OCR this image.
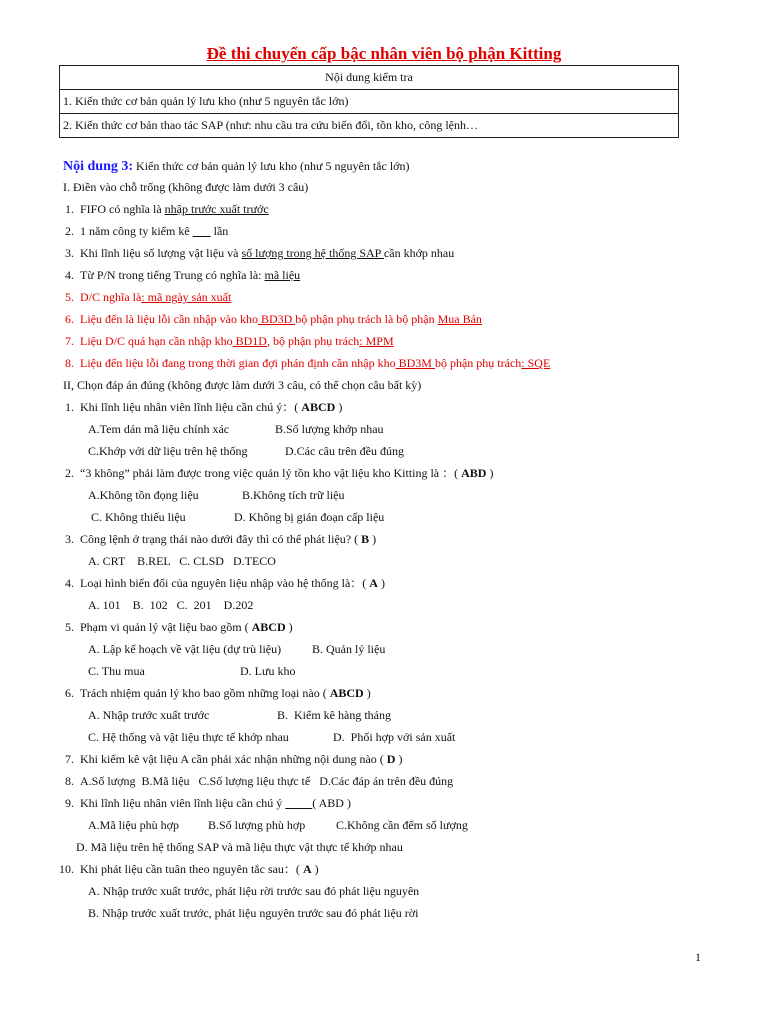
Đề thi chuyển cấp bậc nhân viên bộ phận Kitting
Nội dung kiểm tra
1. Kiến thức cơ bản quản lý lưu kho (như 5 nguyên tắc lớn)
2. Kiến thức cơ bản thao tác SAP (như: nhu cầu tra cứu biến đổi, tồn kho, công lệnh…
Nội dung 3: Kiến thức cơ bản quản lý lưu kho (như 5 nguyên tắc lớn)
I. Điền vào chỗ trống (không được làm dưới 3 câu)
1. FIFO có nghĩa là nhập trước xuất trước
2. 1 năm công ty kiểm kê        lần
3. Khi lĩnh liệu số lượng vật liệu và số lượng trong hệ thống SAP cần khớp nhau
4. Từ P/N trong tiếng Trung có nghĩa là: mã liệu
5. D/C nghĩa là: mã ngày sản xuất
6. Liệu đến là liệu lỗi cần nhập vào kho BD3D bộ phận phụ trách là bộ phận Mua Bán
7. Liệu D/C quá hạn cần nhập kho BD1D, bộ phận phụ trách: MPM
8. Liệu đến liệu lỗi đang trong thời gian đợi phán định cần nhập kho BD3M bộ phận phụ trách: SQE
II, Chọn đáp án đúng (không được làm dưới 3 câu, có thể chọn câu bất kỳ)
1. Khi lĩnh liệu nhân viên lĩnh liệu cần chú ý：( ABCD )
A.Tem dán mã liệu chính xác	B.Số lượng khớp nhau
C.Khớp với dữ liệu trên hệ thống	D.Các câu trên đều đúng
2. “3 không” phải làm được trong việc quản lý tồn kho vật liệu kho Kitting là ：( ABD )
A.Không tồn đọng liệu	B.Không tích trữ liệu
C. Không thiếu liệu	D. Không bị gián đoạn cấp liệu
3. Công lệnh ở trạng thái nào dưới đây thì có thể phát liệu? ( B )
A. CRT    B.REL   C. CLSD   D.TECO
4. Loại hình biến đổi của nguyên liệu nhập vào hệ thống là：( A )
A. 101    B.  102   C.  201    D.202
5. Phạm vi quản lý vật liệu bao gồm ( ABCD )
A. Lập kế hoạch về vật liệu (dự trù liệu)	B. Quản lý liệu
C. Thu mua	D. Lưu kho
6. Trách nhiệm quản lý kho bao gồm những loại nào ( ABCD )
A. Nhập trước xuất trước	B.  Kiểm kê hàng tháng
C. Hệ thống và vật liệu thực tế khớp nhau	D.  Phối hợp với sản xuất
7. Khi kiểm kê vật liệu A cần phải xác nhận những nội dung nào ( D )
8. A.Số lượng  B.Mã liệu   C.Số lượng liệu thực tế   D.Các đáp án trên đều đúng
9. Khi lĩnh liệu nhân viên lĩnh liệu cần chú ý          ( ABD )
A.Mã liệu phù hợp B.Số lượng phù hợp	C.Không cần đếm số lượng
D. Mã liệu trên hệ thống SAP và mã liệu thực vật thực tế khớp nhau
10. Khi phát liệu cần tuân theo nguyên tắc sau：( A )
A. Nhập trước xuất trước, phát liệu rời trước sau đó phát liệu nguyên
B. Nhập trước xuất trước, phát liệu nguyên trước sau đó phát liệu rời
1
